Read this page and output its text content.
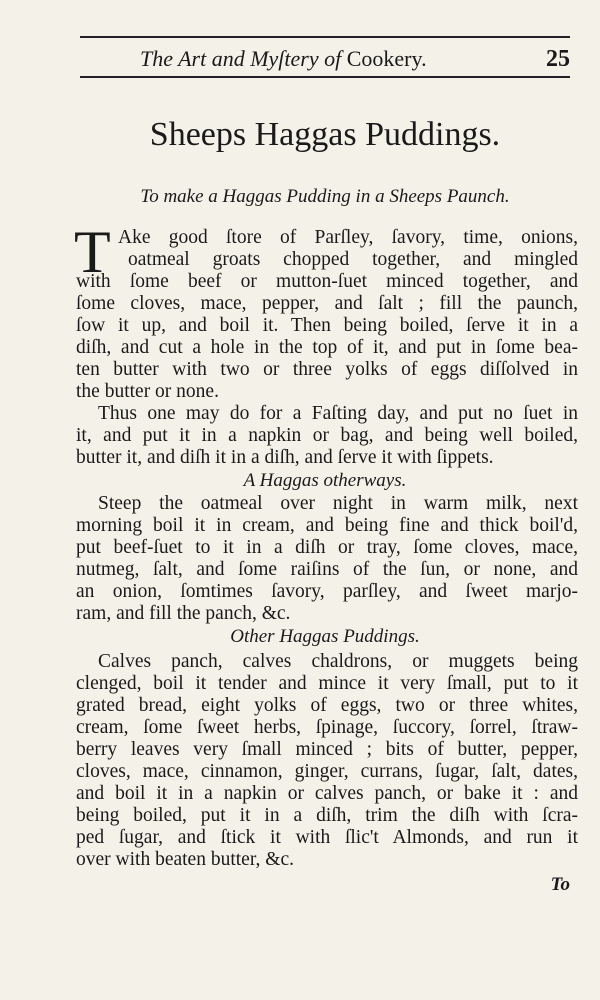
The Art and Myſtery of Cookery.	25
Sheeps Haggas Puddings.
To make a Haggas Pudding in a Sheeps Paunch.
T Ake good ſtore of Parſley, ſavory, time, onions,
oatmeal groats chopped together, and mingled
with ſome beef or mutton-ſuet minced together, and
ſome cloves, mace, pepper, and ſalt ; fill the paunch,
ſow it up, and boil it. Then being boiled, ſerve it in a
diſh, and cut a hole in the top of it, and put in ſome bea-
ten butter with two or three yolks of eggs diſſolved in
the butter or none.
Thus one may do for a Faſting day, and put no ſuet in
it, and put it in a napkin or bag, and being well boiled,
butter it, and diſh it in a diſh, and ſerve it with ſippets.
A Haggas otherways.
Steep the oatmeal over night in warm milk, next
morning boil it in cream, and being fine and thick boil'd,
put beef-ſuet to it in a diſh or tray, ſome cloves, mace,
nutmeg, ſalt, and ſome raiſins of the ſun, or none, and
an onion, ſomtimes ſavory, parſley, and ſweet marjo-
ram, and fill the panch, &c.
Other Haggas Puddings.
Calves panch, calves chaldrons, or muggets being
clenged, boil it tender and mince it very ſmall, put to it
grated bread, eight yolks of eggs, two or three whites,
cream, ſome ſweet herbs, ſpinage, ſuccory, ſorrel, ſtraw-
berry leaves very ſmall minced ; bits of butter, pepper,
cloves, mace, cinnamon, ginger, currans, ſugar, ſalt, dates,
and boil it in a napkin or calves panch, or bake it : and
being boiled, put it in a diſh, trim the diſh with ſcra-
ped ſugar, and ſtick it with ſlic't Almonds, and run it
over with beaten butter, &c.
To
